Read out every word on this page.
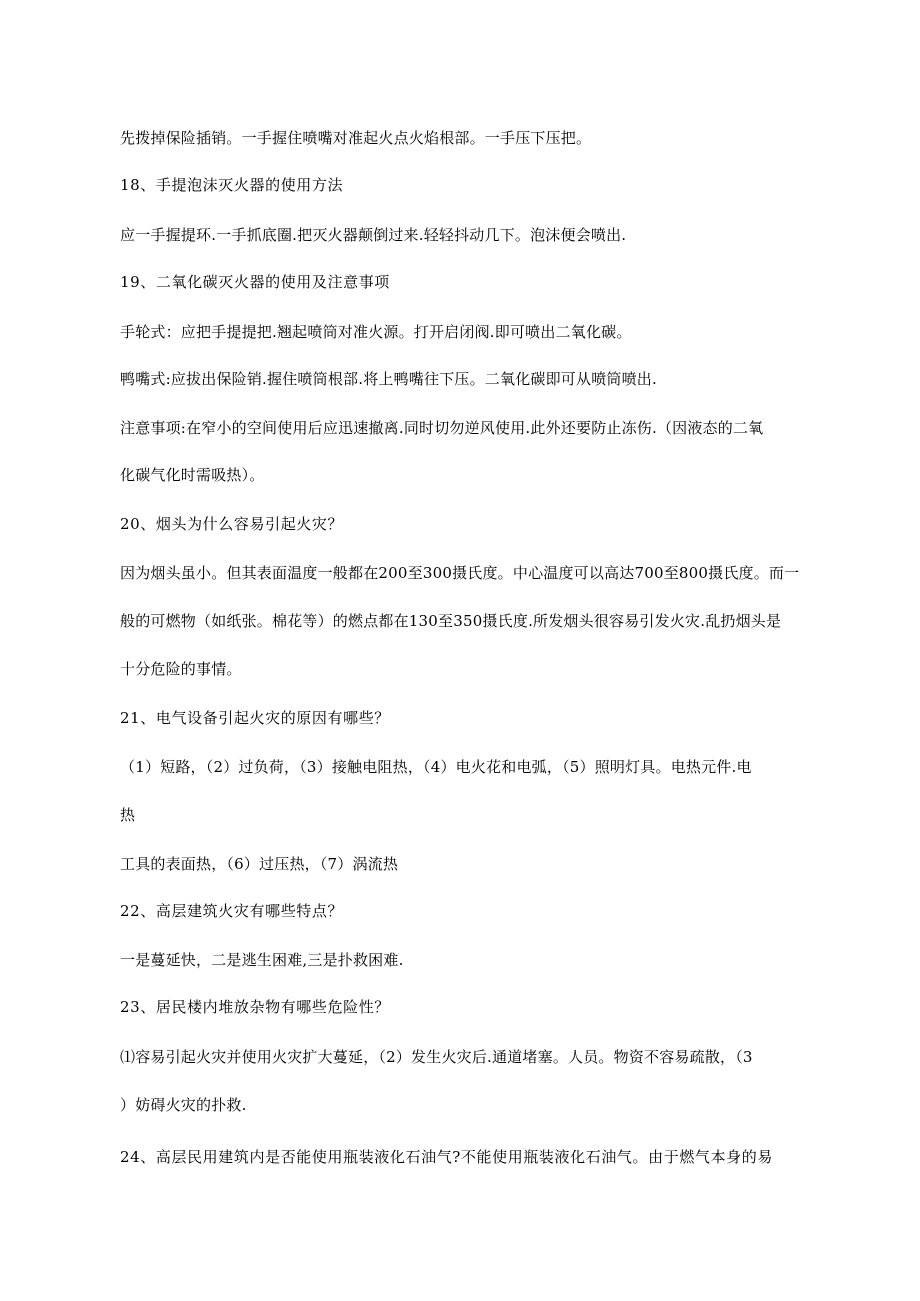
先拨掉保险插销。一手握住喷嘴对准起火点火焰根部。一手压下压把。
18、手提泡沫灭火器的使用方法
应一手握提环.一手抓底圈.把灭火器颠倒过来.轻轻抖动几下。泡沫便会喷出.
19、二氧化碳灭火器的使用及注意事项
手轮式：应把手提提把.翘起喷筒对准火源。打开启闭阀.即可喷出二氧化碳。
鸭嘴式:应拔出保险销.握住喷筒根部.将上鸭嘴往下压。二氧化碳即可从喷筒喷出.
注意事项:在窄小的空间使用后应迅速撤离.同时切勿逆风使用.此外还要防止冻伤.（因液态的二氧
化碳气化时需吸热）。
20、烟头为什么容易引起火灾？
因为烟头虽小。但其表面温度一般都在200至300摄氏度。中心温度可以高达700至800摄氏度。而一
般的可燃物（如纸张。棉花等）的燃点都在130至350摄氏度.所发烟头很容易引发火灾.乱扔烟头是
十分危险的事情。
21、电气设备引起火灾的原因有哪些？
（1）短路，（2）过负荷，（3）接触电阻热，（4）电火花和电弧，（5）照明灯具。电热元件.电
热
工具的表面热，（6）过压热，（7）涡流热
22、高层建筑火灾有哪些特点？
一是蔓延快，二是逃生困难,三是扑救困难.
23、居民楼内堆放杂物有哪些危险性？
⑴容易引起火灾并使用火灾扩大蔓延，（2）发生火灾后.通道堵塞。人员。物资不容易疏散，（3
）妨碍火灾的扑救.
24、高层民用建筑内是否能使用瓶装液化石油气?不能使用瓶装液化石油气。由于燃气本身的易
